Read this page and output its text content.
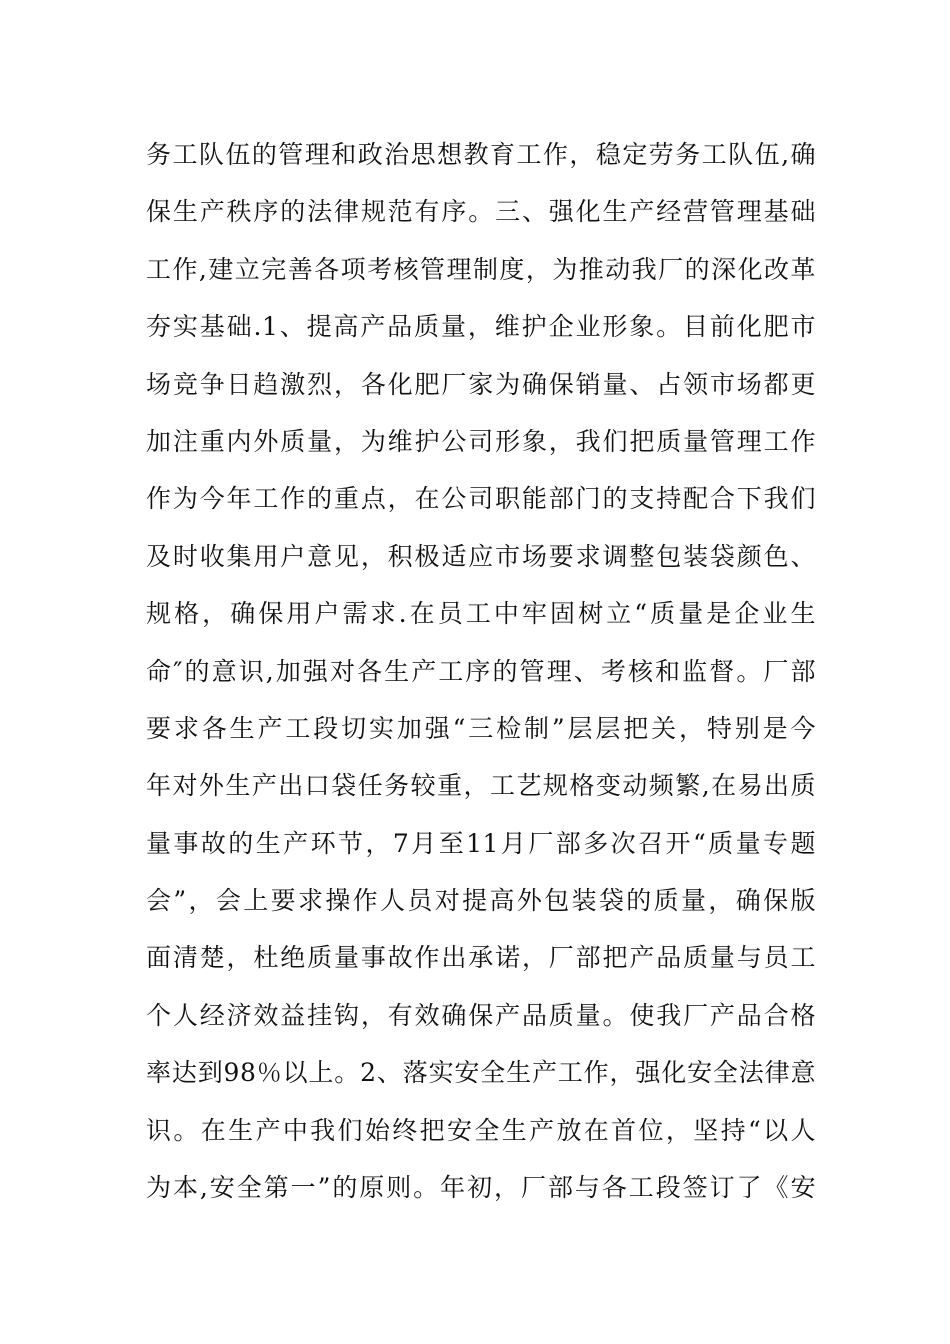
务工队伍的管理和政治思想教育工作，稳定劳务工队伍,确
保生产秩序的法律规范有序。三、强化生产经营管理基础
工作,建立完善各项考核管理制度，为推动我厂的深化改革
夯实基础.1、提高产品质量，维护企业形象。目前化肥市
场竞争日趋激烈，各化肥厂家为确保销量、占领市场都更
加注重内外质量，为维护公司形象，我们把质量管理工作
作为今年工作的重点，在公司职能部门的支持配合下我们
及时收集用户意见，积极适应市场要求调整包装袋颜色、
规格，确保用户需求.在员工中牢固树立“质量是企业生
命″的意识,加强对各生产工序的管理、考核和监督。厂部
要求各生产工段切实加强“三检制”层层把关，特别是今
年对外生产出口袋任务较重，工艺规格变动频繁,在易出质
量事故的生产环节，7月至11月厂部多次召开“质量专题
会”，会上要求操作人员对提高外包装袋的质量，确保版
面清楚，杜绝质量事故作出承诺，厂部把产品质量与员工
个人经济效益挂钩，有效确保产品质量。使我厂产品合格
率达到98％以上。2、落实安全生产工作，强化安全法律意
识。在生产中我们始终把安全生产放在首位，坚持“以人
为本,安全第一”的原则。年初，厂部与各工段签订了《安
